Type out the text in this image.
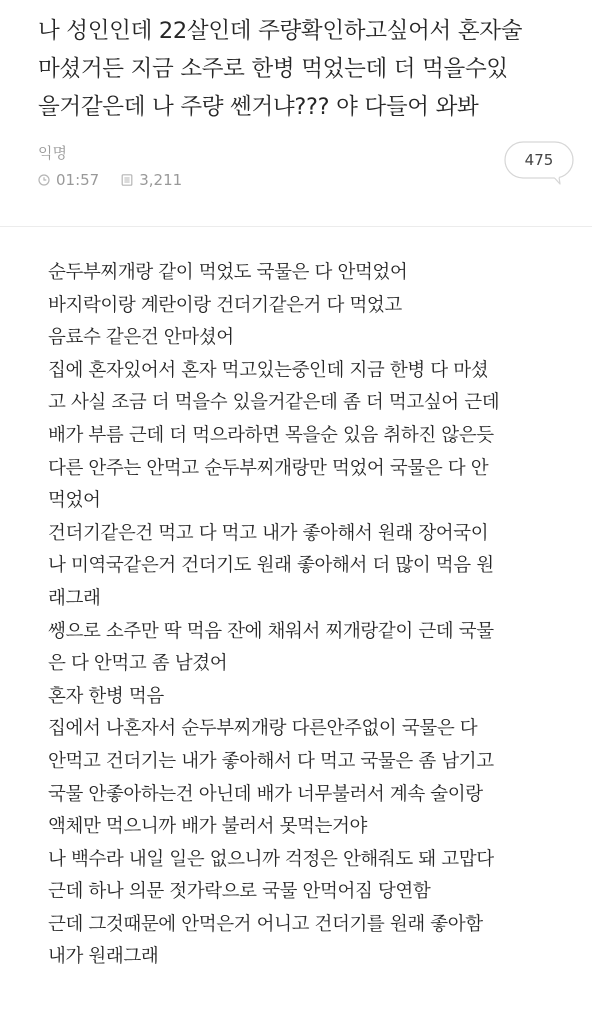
나 성인인데 22살인데 주량확인하고싶어서 혼자술
마셨거든 지금 소주로 한병 먹었는데 더 먹을수있
을거같은데 나 주량 쎈거냐??? 야 다들어 와봐
익명
01:57	3,211
475
순두부찌개랑 같이 먹었도 국물은 다 안먹었어
바지락이랑 계란이랑 건더기같은거 다 먹었고
음료수 같은건 안마셨어
집에 혼자있어서 혼자 먹고있는중인데 지금 한병 다 마셨
고 사실 조금 더 먹을수 있을거같은데 좀 더 먹고싶어 근데
배가 부름 근데 더 먹으라하면 목을순 있음 취하진 않은듯
다른 안주는 안먹고 순두부찌개랑만 먹었어 국물은 다 안
먹었어
건더기같은건 먹고 다 먹고 내가 좋아해서 원래 장어국이
나 미역국같은거 건더기도 원래 좋아해서 더 많이 먹음 원
래그래
쌩으로 소주만 딱 먹음 잔에 채워서 찌개랑같이 근데 국물
은 다 안먹고 좀 남겼어
혼자 한병 먹음
집에서 나혼자서 순두부찌개랑 다른안주없이 국물은 다
안먹고 건더기는 내가 좋아해서 다 먹고 국물은 좀 남기고
국물 안좋아하는건 아닌데 배가 너무불러서 계속 술이랑
액체만 먹으니까 배가 불러서 못먹는거야
나 백수라 내일 일은 없으니까 걱정은 안해줘도 돼 고맙다
근데 하나 의문 젓가락으로 국물 안먹어짐 당연함
근데 그것때문에 안먹은거 어니고 건더기를 원래 좋아함
내가 원래그래
